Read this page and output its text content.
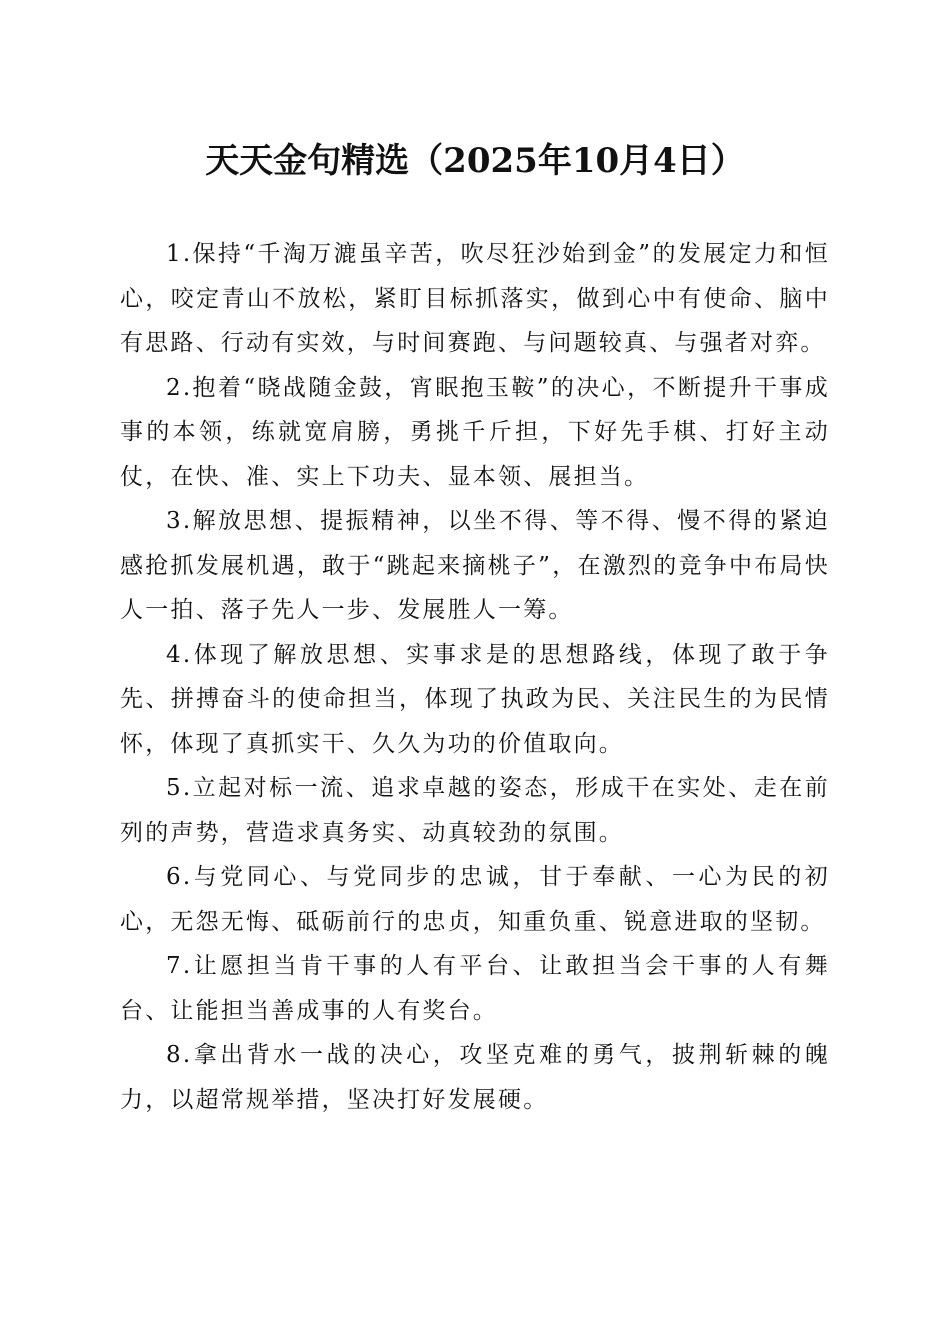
天天金句精选（2025年10月4日）

1.保持“千淘万漉虽辛苦，吹尽狂沙始到金”的发展定力和恒心，咬定青山不放松，紧盯目标抓落实，做到心中有使命、脑中有思路、行动有实效，与时间赛跑、与问题较真、与强者对弈。

2.抱着“晓战随金鼓，宵眠抱玉鞍”的决心，不断提升干事成事的本领，练就宽肩膀，勇挑千斤担，下好先手棋、打好主动仗，在快、准、实上下功夫、显本领、展担当。

3.解放思想、提振精神，以坐不得、等不得、慢不得的紧迫感抢抓发展机遇，敢于“跳起来摘桃子”，在激烈的竞争中布局快人一拍、落子先人一步、发展胜人一筹。

4.体现了解放思想、实事求是的思想路线，体现了敢于争先、拼搏奋斗的使命担当，体现了执政为民、关注民生的为民情怀，体现了真抓实干、久久为功的价值取向。

5.立起对标一流、追求卓越的姿态，形成干在实处、走在前列的声势，营造求真务实、动真较劲的氛围。

6.与党同心、与党同步的忠诚，甘于奉献、一心为民的初心，无怨无悔、砥砺前行的忠贞，知重负重、锐意进取的坚韧。

7.让愿担当肯干事的人有平台、让敢担当会干事的人有舞台、让能担当善成事的人有奖台。

8.拿出背水一战的决心，攻坚克难的勇气，披荆斩棘的魄力，以超常规举措，坚决打好发展硬。
